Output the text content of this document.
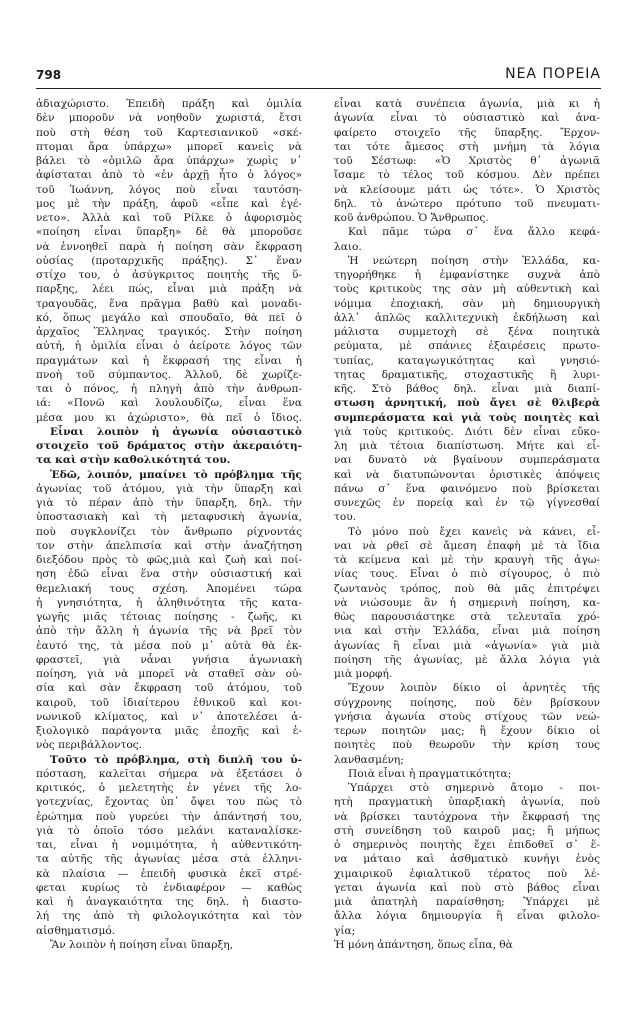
798	ΝΕΑ ΠΟΡΕΙΑ
ἀδιαχώριστο. Ἐπειδὴ πράξη καὶ ὁμιλία
δὲν μποροῦν νὰ νοηθοῦν χωριστά, ἔτσι
ποὺ στὴ θέση τοῦ Καρτεσιανικοῦ «σκέ-
πτομαι ἄρα ὑπάρχω» μπορεῖ κανεὶς νὰ
βάλει τὸ «ὁμιλῶ ἄρα ὑπάρχω» χωρὶς ν᾿
ἀφίσταται ἀπὸ τὸ «ἐν ἀρχῇ ἦτο ὁ λόγος»
τοῦ Ἰωάννη, λόγος ποὺ εἶναι ταυτόση-
μος μὲ τὴν πράξη, ἀφοῦ «εἶπε καὶ ἐγέ-
νετο». Ἀλλὰ καὶ τοῦ Ρίλκε ὁ ἀφορισμὸς
«ποίηση εἶναι ὕπαρξη» δὲ θὰ μποροῦσε
νὰ ἐννοηθεῖ παρὰ ἡ ποίηση σὰν ἔκφραση
οὐσίας (προταρχικῆς πράξης). Σ᾿ ἕναν
στίχο του, ὁ ἀσύγκριτος ποιητὴς τῆς ὕ-
παρξης, λέει πώς, εἶναι μιὰ πράξη νὰ
τραγουδᾶς, ἕνα πρᾶγμα βαθὺ καὶ μοναδι-
κό, ὅπως μεγάλο καὶ σπουδαῖο, θὰ πεῖ ὁ
ἀρχαῖος Ἕλληνας τραγικός. Στὴν ποίηση
αὐτή, ἡ ὁμιλία εἶναι ὁ ἀείροτε λόγος τῶν
πραγμάτων καὶ ἡ ἔκφρασή της εἶναι ἡ
πνοὴ τοῦ σύμπαντος. Ἀλλοῦ, δὲ χωρίζε-
ται ὁ πόνος, ἡ πληγὴ ἀπὸ τὴν ἀνθρωπ-
ιά: «Πονῶ καὶ λουλουδίζω, εἶναι ἕνα
μέσα μου κι ἀχώριστο», θὰ πεῖ ὁ ἴδιος.
Εἶναι λοιπὸν ἡ ἀγωνία οὐσιαστικὸ
στοιχεῖο τοῦ δράματος στὴν ἀκεραιότη-
τα καὶ στὴν καθολικότητά του.
Ἐδῶ, λοιπόν, μπαίνει τὸ πρόβλημα τῆς
ἀγωνίας τοῦ ἀτόμου, γιὰ τὴν ὕπαρξη καὶ
γιὰ τὸ πέραν ἀπὸ τὴν ὕπαρξη, δηλ. τὴν
ὑποστασιακὴ καὶ τὴ μεταφυσικὴ ἀγωνία,
ποὺ συγκλονίζει τὸν ἄνθρωπο ρίχνοντάς
τον στὴν ἀπελπισία καὶ στὴν ἀναζήτηση
διεξόδου πρὸς τὸ φῶς,μιὰ καὶ ζωὴ καὶ ποί-
ηση ἐδῶ εἶναι ἕνα στὴν οὐσιαστική καὶ
θεμελιακή τους σχέση. Ἀπομένει τώρα
ἡ γνησιότητα, ἡ ἀληθινότητα τῆς κατα-
γωγῆς μιᾶς τέτοιας ποίησης - ζωῆς, κι
ἀπὸ τὴν ἄλλη ἡ ἀγωνία τῆς νὰ βρεῖ τὸν
ἑαυτό της, τὰ μέσα ποὺ μ᾿ αὐτὰ θὰ ἐκ-
φραστεῖ, γιὰ νἆναι γνήσια ἀγωνιακὴ
ποίηση, γιὰ νὰ μπορεῖ νὰ σταθεῖ σὰν οὐ-
σία καὶ σὰν ἔκφραση τοῦ ἀτόμου, τοῦ
καιροῦ, τοῦ ἰδιαίτερου ἐθνικοῦ καὶ κοι-
νωνικοῦ κλίματος, καὶ ν᾿ ἀποτελέσει ἀ-
ξιολογικὸ παράγοντα μιᾶς ἐποχῆς καὶ ἑ-
νὸς περιβάλλοντος.
Τοῦτο τὸ πρόβλημα, στὴ διπλῆ του ὑ-
πόσταση, καλεῖται σήμερα νὰ ἐξετάσει ὁ
κριτικός, ὁ μελετητὴς ἐν γένει τῆς λο-
γοτεχνίας, ἔχοντας ὑπ᾿ ὄψει του πὼς τὸ
ἐρώτημα ποὺ γυρεύει τὴν ἀπάντησή του,
γιὰ τὸ ὁποῖο τόσο μελάνι καταναλίσκε-
ται, εἶναι ἡ νομιμότητα, ἡ αὐθεντικότη-
τα αὐτῆς τῆς ἀγωνίας μέσα στὰ ἑλληνι-
κὰ πλαίσια — ἐπειδὴ φυσικὰ ἐκεῖ στρέ-
φεται κυρίως τὸ ἐνδιαφέρον — καθὼς
καὶ ἡ ἀναγκαιότητα της δηλ. ἡ διαστο-
λή της ἀπὸ τὴ φιλολογικότητα καὶ τὸν
αἰσθηματισμό.
Ἂν λοιπὸν ἡ ποίηση εἶναι ὕπαρξη,
εἶναι κατὰ συνέπεια ἀγωνία, μιὰ κι ἡ
ἀγωνία εἶναι τὸ οὐσιαστικὸ καὶ ἀνα-
φαίρετο στοιχεῖο τῆς ὕπαρξης. Ἔρχον-
ται τότε ἄμεσος στὴ μνήμη τὰ λόγια
τοῦ Σέστωφ: «Ὁ Χριστὸς θ᾿ ἀγωνιᾶ
ἴσαμε τὸ τέλος τοῦ κόσμου. Δὲν πρέπει
νὰ κλείσουμε μάτι ὡς τότε». Ὁ Χριστὸς
δηλ. τὸ ἀνώτερο πρότυπο τοῦ πνευματι-
κοῦ ἀνθρώπου. Ὁ Ἄνθρωπος.
Καὶ πᾶμε τώρα σ᾿ ἕνα ἄλλο κεφά-
λαιο.
Ἡ νεώτερη ποίηση στὴν Ἑλλάδα, κα-
τηγορήθηκε ἡ ἐμφανίστηκε συχνὰ ἀπὸ
τοὺς κριτικοὺς της σὰν μὴ αὐθεντικὴ καὶ
νόμιμα ἐποχιακή, σὰν μὴ δημιουργικὴ
ἀλλ᾿ ἁπλῶς καλλιτεχνικὴ ἐκδήλωση καὶ
μάλιστα συμμετοχὴ σὲ ξένα ποιητικὰ
ρεύματα, μὲ σπάνιες ἐξαιρέσεις πρωτο-
τυπίας, καταγωγικότητας καὶ γνησιό-
τητας δραματικῆς, στοχαστικῆς ἢ λυρι-
κῆς. Στὸ βάθος δηλ. εἶναι μιὰ διαπί-
στωση ἀρνητική, ποὺ ἄγει σὲ θλιβερὰ
συμπεράσματα καὶ γιὰ τοὺς ποιητὲς καὶ
γιὰ τοὺς κριτικούς. Διότι δὲν εἶναι εὔκο-
λη μιὰ τέτοια διαπίστωση. Μήτε καὶ εἶ-
ναι δυνατὸ νὰ βγαίνουν συμπεράσματα
καὶ νὰ διατυπώνονται ὁριστικὲς ἀπόψεις
πάνω σ᾿ ἕνα φαινόμενο ποὺ βρίσκεται
συνεχῶς ἐν πορείᾳ καὶ ἐν τῷ γίγνεσθαί
του.
Τὸ μόνο ποὺ ἔχει κανεὶς νὰ κάνει, εἶ-
ναι νὰ ρθεῖ σὲ ἄμεση ἐπαφὴ μὲ τὰ ἴδια
τὰ κείμενα καὶ μὲ τὴν κραυγὴ τῆς ἀγω-
νίας τους. Εἶναι ὁ πιὸ σίγουρος, ὁ πιὸ
ζωντανὸς τρόπος, ποὺ θὰ μᾶς ἐπιτρέψει
νὰ νιώσουμε ἂν ἡ σημερινὴ ποίηση, κα-
θὼς παρουσιάστηκε στὰ τελευταῖα χρό-
νια καὶ στὴν Ἑλλάδα, εἶναι μιὰ ποίηση
ἀγωνίας ἢ εἶναι μιὰ «ἀγωνία» γιὰ μιὰ
ποίηση τῆς ἀγωνίας, μὲ ἄλλα λόγια γιὰ
μιὰ μορφή.
Ἔχουν λοιπὸν δίκιο οἱ ἀρνητὲς τῆς
σύγχρονης ποίησης, ποὺ δὲν βρίσκουν
γνήσια ἀγωνία στοὺς στίχους τῶν νεώ-
τερων ποιητῶν μας; ἢ ἔχουν δίκιο οἱ
ποιητὲς ποὺ θεωροῦν τὴν κρίση τους
λανθασμένη;
Ποιὰ εἶναι ἡ πραγματικότητα;
Ὑπάρχει στὸ σημερινὸ ἄτομο - ποι-
ητὴ πραγματικὴ ὑπαρξιακὴ ἀγωνία, ποὺ
νὰ βρίσκει ταυτόχρονα τὴν ἔκφρασή της
στὴ συνείδηση τοῦ καιροῦ μας; ἢ μήπως
ὁ σημερινὸς ποιητὴς ἔχει ἐπιδοθεῖ σ᾿ ἕ-
να μάταιο καὶ ἀσθματικὸ κυνήγι ἑνὸς
χιμαιρικοῦ ἐφιαλτικοῦ τέρατος ποὺ λέ-
γεται ἀγωνία καὶ ποὺ στὸ βάθος εἶναι
μιὰ ἀπατηλὴ παραίσθηση; Ὑπάρχει μὲ
ἄλλα λόγια δημιουργία ἢ εἶναι φιλολο-
γία;
Ἡ μόνη ἀπάντηση, ὅπως εἶπα, θὰ
